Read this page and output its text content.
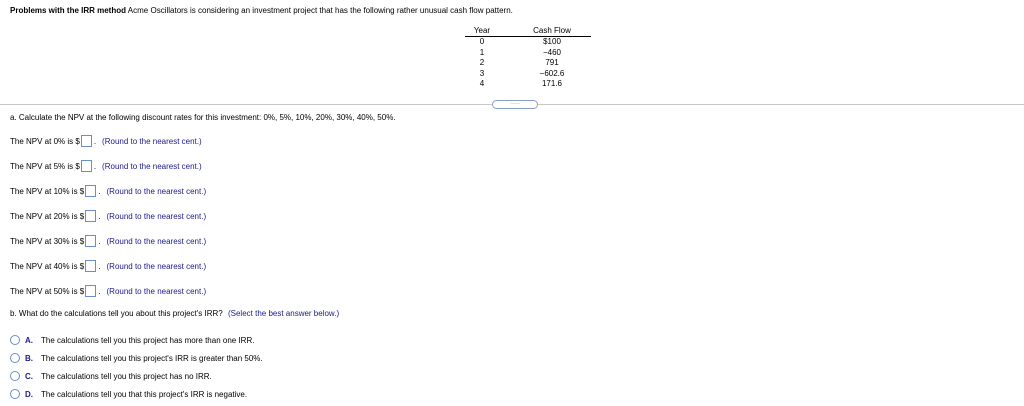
Problems with the IRR method Acme Oscillators is considering an investment project that has the following rather unusual cash flow pattern.
Year	Cash Flow
0	$100
1	−460
2	791
3	−602.6
4	171.6
·····
a. Calculate the NPV at the following discount rates for this investment: 0%, 5%, 10%, 20%, 30%, 40%, 50%.
The NPV at 0% is $ . (Round to the nearest cent.)
The NPV at 5% is $ . (Round to the nearest cent.)
The NPV at 10% is $ . (Round to the nearest cent.)
The NPV at 20% is $ . (Round to the nearest cent.)
The NPV at 30% is $ . (Round to the nearest cent.)
The NPV at 40% is $ . (Round to the nearest cent.)
The NPV at 50% is $ . (Round to the nearest cent.)
b. What do the calculations tell you about this project's IRR? (Select the best answer below.)
A. The calculations tell you this project has more than one IRR.
B. The calculations tell you this project's IRR is greater than 50%.
C. The calculations tell you this project has no IRR.
D. The calculations tell you that this project's IRR is negative.
